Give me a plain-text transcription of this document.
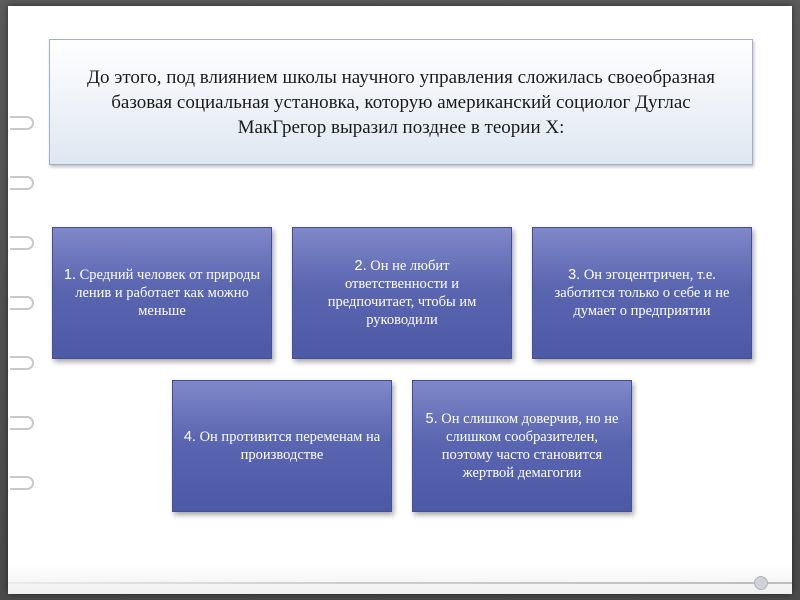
До этого, под влиянием школы научного управления сложилась своеобразная базовая социальная установка, которую американский социолог Дуглас МакГрегор выразил позднее в теории Х:
1. Средний человек от природы ленив и работает как можно меньше
2. Он не любит ответственности и предпочитает, чтобы им руководили
3. Он эгоцентричен, т.е. заботится только о себе и не думает о предприятии
4. Он противится переменам на производстве
5. Он слишком доверчив, но не слишком сообразителен, поэтому часто становится жертвой демагогии
